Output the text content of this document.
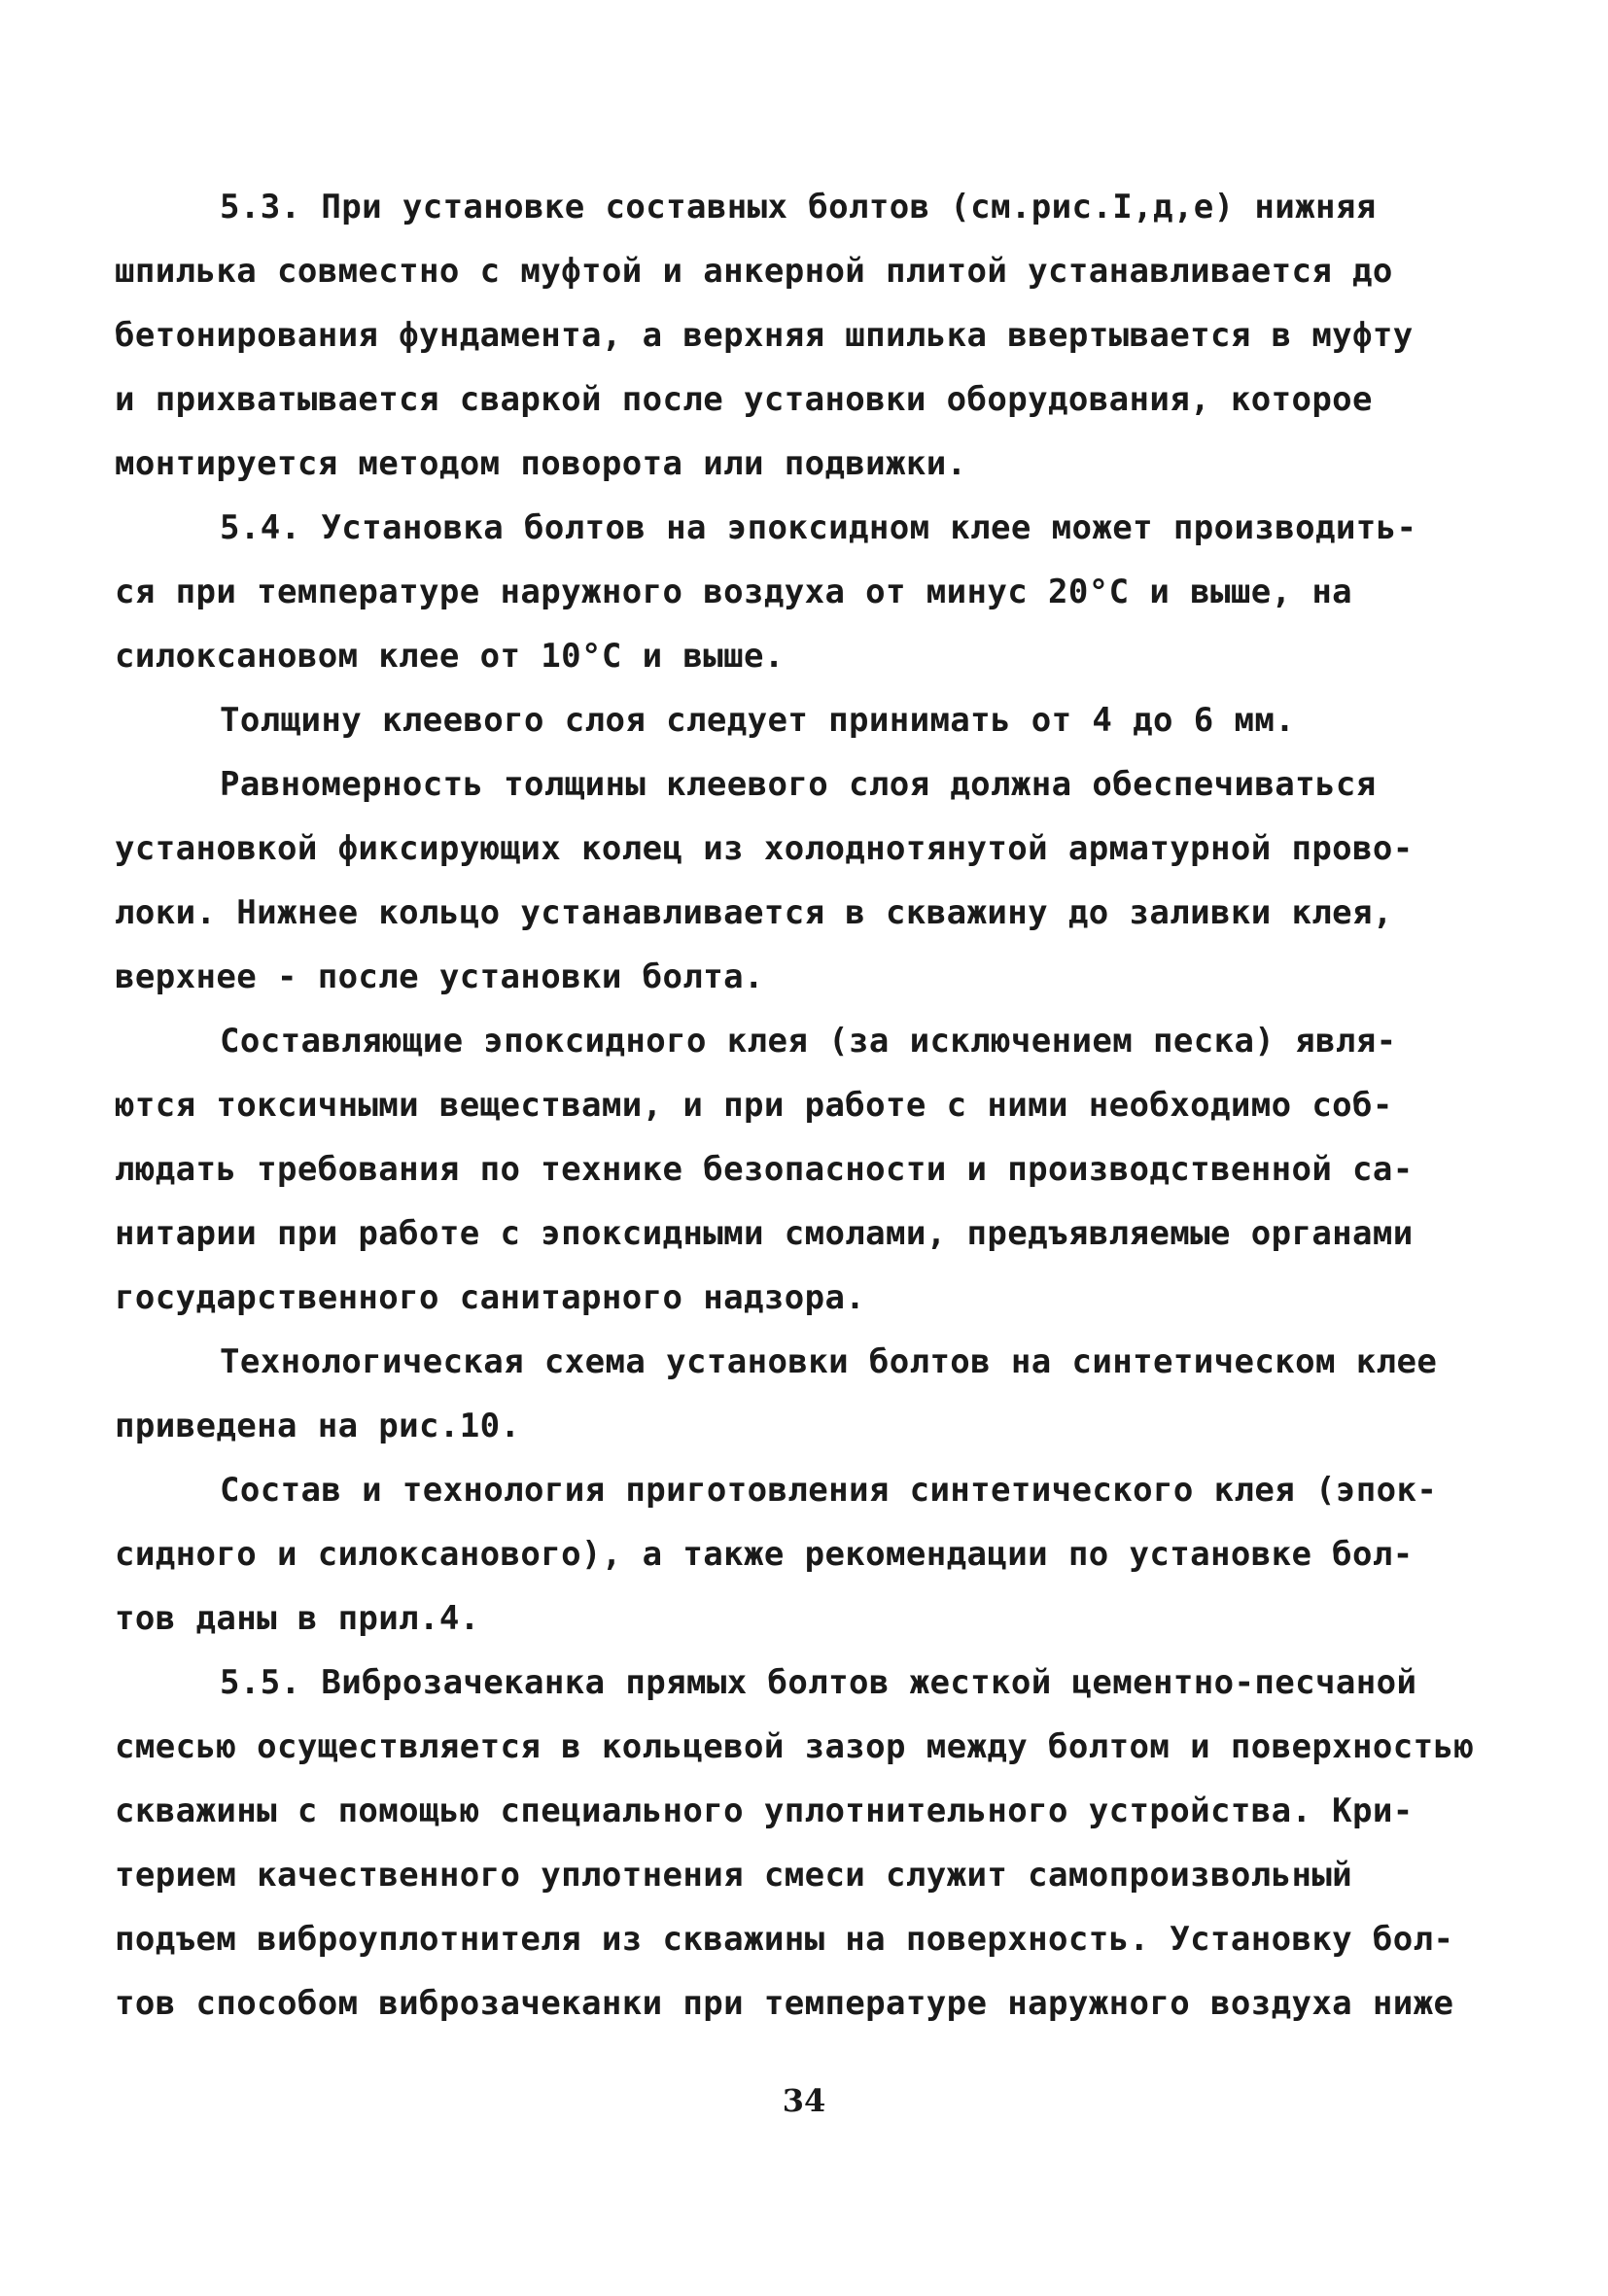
5.3. При установке составных болтов (см.рис.I,д,е) нижняя
шпилька совместно с муфтой и анкерной плитой устанавливается до
бетонирования фундамента, а верхняя шпилька ввертывается в муфту
и прихватывается сваркой после установки оборудования, которое
монтируется методом поворота или подвижки.
5.4. Установка болтов на эпоксидном клее может производить-
ся при температуре наружного воздуха от минус 20°С и выше, на
силоксановом клее от 10°С и выше.
Толщину клеевого слоя следует принимать от 4 до 6 мм.
Равномерность толщины клеевого слоя должна обеспечиваться
установкой фиксирующих колец из холоднотянутой арматурной прово-
локи. Нижнее кольцо устанавливается в скважину до заливки клея,
верхнее - после установки болта.
Составляющие эпоксидного клея (за исключением песка) явля-
ются токсичными веществами, и при работе с ними необходимо соб-
людать требования по технике безопасности и производственной са-
нитарии при работе с эпоксидными смолами, предъявляемые органами
государственного санитарного надзора.
Технологическая схема установки болтов на синтетическом клее
приведена на рис.10.
Состав и технология приготовления синтетического клея (эпок-
сидного и силоксанового), а также рекомендации по установке бол-
тов даны в прил.4.
5.5. Виброзачеканка прямых болтов жесткой цементно-песчаной
смесью осуществляется в кольцевой зазор между болтом и поверхностью
скважины с помощью специального уплотнительного устройства. Кри-
терием качественного уплотнения смеси служит самопроизвольный
подъем виброуплотнителя из скважины на поверхность. Установку бол-
тов способом виброзачеканки при температуре наружного воздуха ниже
34
